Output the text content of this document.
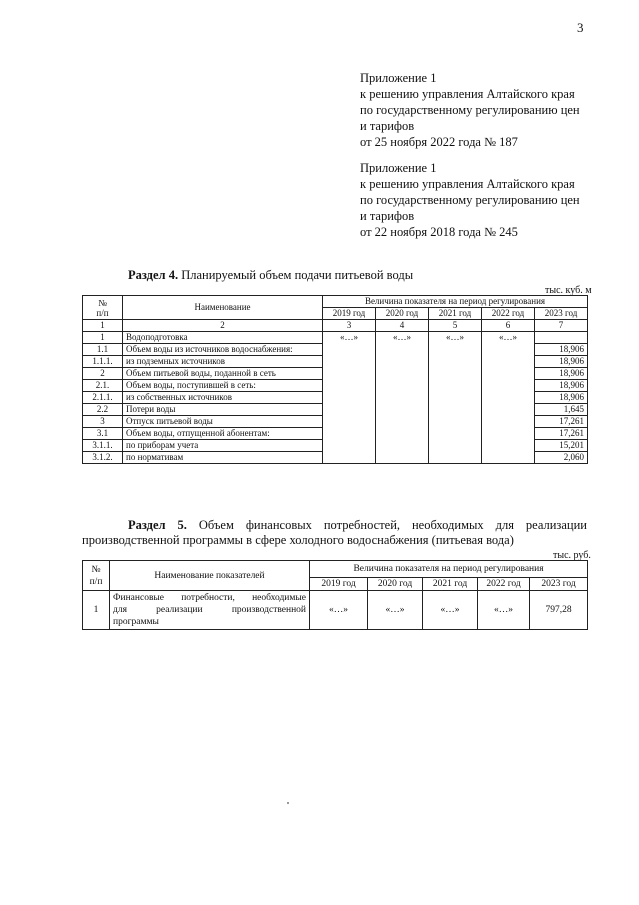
3
Приложение 1
к решению управления Алтайского края
по государственному регулированию цен
и тарифов
от 25 ноября 2022 года № 187
Приложение 1
к решению управления Алтайского края
по государственному регулированию цен
и тарифов
от 22 ноября 2018 года № 245
Раздел 4. Планируемый объем подачи питьевой воды
тыс. куб. м
№
п/п	Наименование	Величина показателя на период регулирования				
		2019 год	2020 год	2021 год	2022 год	2023 год
1	2	3	4	5	6	7
1	Водоподготовка	«…»	«…»	«…»	«…»	
1.1	Объем воды из источников водоснабжения:					18,906
1.1.1.	из подземных источников					18,906
2	Объем питьевой воды, поданной в сеть					18,906
2.1.	Объем воды, поступившей в сеть:					18,906
2.1.1.	из собственных источников					18,906
2.2	Потери воды					1,645
3	Отпуск питьевой воды					17,261
3.1	Объем воды, отпущенной абонентам:					17,261
3.1.1.	по приборам учета					15,201
3.1.2.	по нормативам					2,060
Раздел 5. Объем финансовых потребностей, необходимых для реализации
производственной программы в сфере холодного водоснабжения (питьевая вода)
тыс. руб.
№
п/п	Наименование показателей	Величина показателя на период регулирования				
		2019 год	2020 год	2021 год	2022 год	2023 год
1	Финансовые потребности, необходимые
для реализации производственной
программы	«…»	«…»	«…»	«…»	797,28
